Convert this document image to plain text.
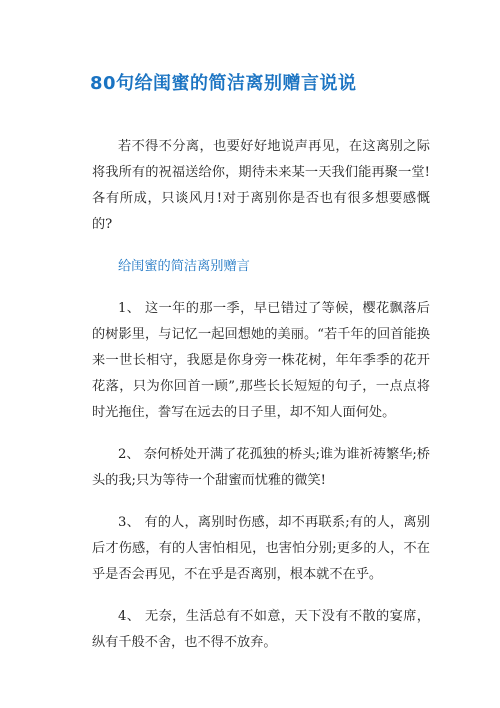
80句给闺蜜的简洁离别赠言说说

若不得不分离，也要好好地说声再见，在这离别之际将我所有的祝福送给你，期待未来某一天我们能再聚一堂!各有所成，只谈风月!对于离别你是否也有很多想要感慨的?

给闺蜜的简洁离别赠言

1、 这一年的那一季，早已错过了等候，樱花飘落后的树影里，与记忆一起回想她的美丽。“若千年的回首能换来一世长相守，我愿是你身旁一株花树，年年季季的花开花落，只为你回首一顾”,那些长长短短的句子，一点点将时光拖住，誊写在远去的日子里，却不知人面何处。

2、 奈何桥处开满了花孤独的桥头;谁为谁祈祷繁华;桥头的我;只为等待一个甜蜜而忧雅的微笑!

3、 有的人，离别时伤感，却不再联系;有的人，离别后才伤感，有的人害怕相见，也害怕分别;更多的人，不在乎是否会再见，不在乎是否离别，根本就不在乎。

4、 无奈，生活总有不如意，天下没有不散的宴席，纵有千般不舍，也不得不放弃。
